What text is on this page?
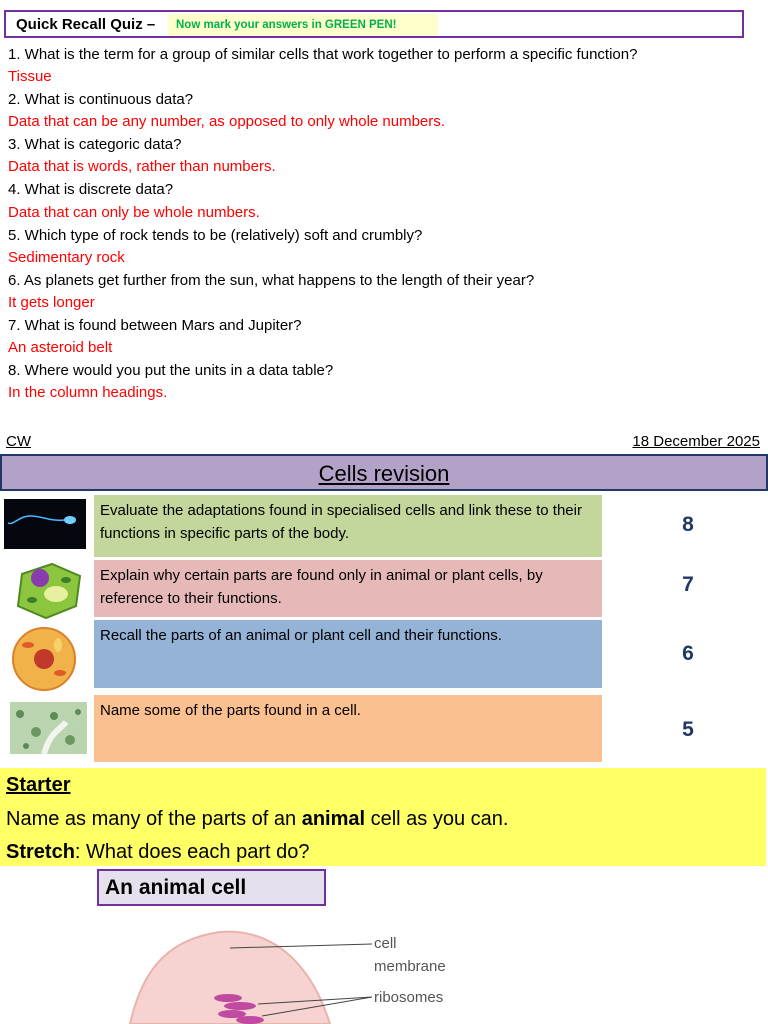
Quick Recall Quiz –	Now mark your answers in GREEN PEN!
1. What is the term for a group of similar cells that work together to perform a specific function?
Tissue
2. What is continuous data?
Data that can be any number, as opposed to only whole numbers.
3. What is categoric data?
Data that is words, rather than numbers.
4. What is discrete data?
Data that can only be whole numbers.
5. Which type of rock tends to be (relatively) soft and crumbly?
Sedimentary rock
6. As planets get further from the sun, what happens to the length of their year?
It gets longer
7. What is found between Mars and Jupiter?
An asteroid belt
8. Where would you put the units in a data table?
In the column headings.
CW	18 December 2025
Cells revision
Evaluate the adaptations found in specialised cells and link these to their functions in specific parts of the body.
Explain why certain parts are found only in animal or plant cells, by reference to their functions.
Recall the parts of an animal or plant cell and their functions.
Name some of the parts found in a cell.
8
7
6
5
Starter
Name as many of the parts of an animal cell as you can.
Stretch: What does each part do?
An animal cell
cell
membrane
ribosomes
